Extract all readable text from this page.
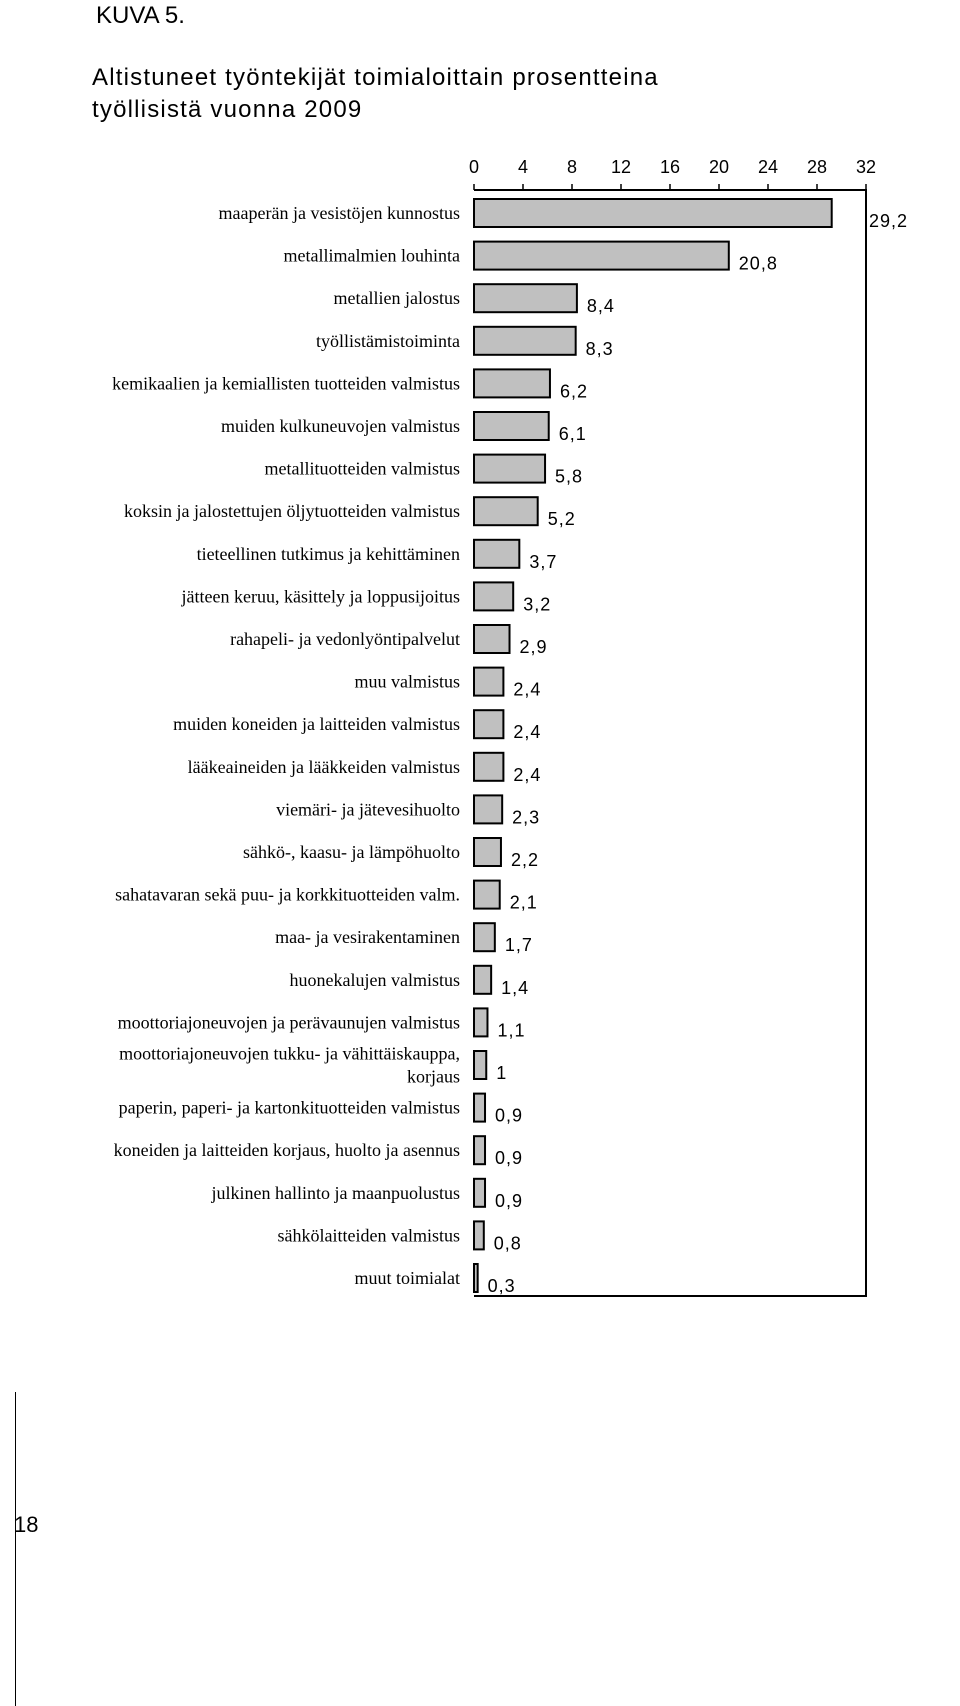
KUVA 5.
Altistuneet työntekijät toimialoittain prosentteina
työllisistä vuonna 2009
0 4 8 12 16 20 24 28 32
maaperän ja vesistöjen kunnostus	29,2
metallimalmien louhinta	20,8
metallien jalostus	8,4
työllistämistoiminta	8,3
kemikaalien ja kemiallisten tuotteiden valmistus	6,2
muiden kulkuneuvojen valmistus	6,1
metallituotteiden valmistus	5,8
koksin ja jalostettujen öljytuotteiden valmistus	5,2
tieteellinen tutkimus ja kehittäminen	3,7
jätteen keruu, käsittely ja loppusijoitus	3,2
rahapeli- ja vedonlyöntipalvelut	2,9
muu valmistus	2,4
muiden koneiden ja laitteiden valmistus	2,4
lääkeaineiden ja lääkkeiden valmistus	2,4
viemäri- ja jätevesihuolto	2,3
sähkö-, kaasu- ja lämpöhuolto	2,2
sahatavaran sekä puu- ja korkkituotteiden valm.	2,1
maa- ja vesirakentaminen 1,7
huonekalujen valmistus 1,4
moottoriajoneuvojen ja perävaunujen valmistus 1,1
moottoriajoneuvojen tukku- ja vähittäiskauppa,
korjaus 1
paperin, paperi- ja kartonkituotteiden valmistus 0,9
koneiden ja laitteiden korjaus, huolto ja asennus 0,9
julkinen hallinto ja maanpuolustus 0,9
sähkölaitteiden valmistus 0,8
muut toimialat 0,3
18
